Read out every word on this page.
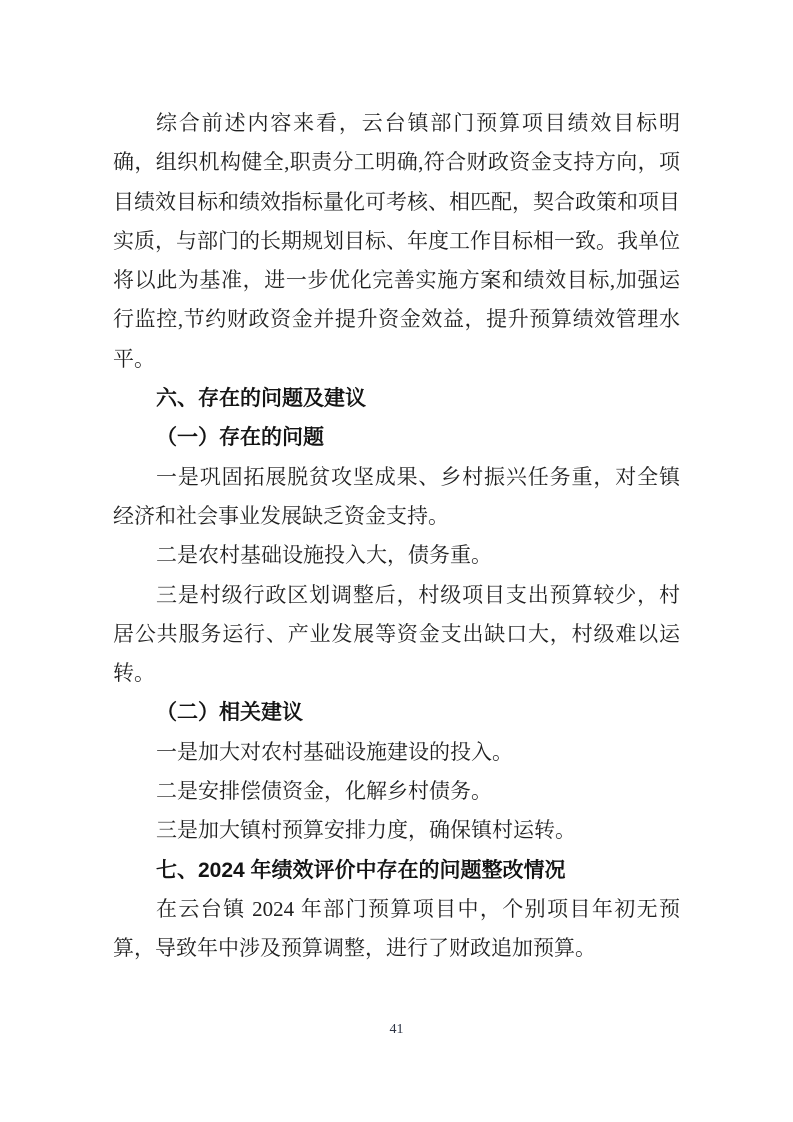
综合前述内容来看，云台镇部门预算项目绩效目标明确，组织机构健全,职责分工明确,符合财政资金支持方向，项目绩效目标和绩效指标量化可考核、相匹配，契合政策和项目实质，与部门的长期规划目标、年度工作目标相一致。我单位将以此为基准，进一步优化完善实施方案和绩效目标,加强运行监控,节约财政资金并提升资金效益，提升预算绩效管理水平。

六、存在的问题及建议

（一）存在的问题

一是巩固拓展脱贫攻坚成果、乡村振兴任务重，对全镇经济和社会事业发展缺乏资金支持。

二是农村基础设施投入大，债务重。

三是村级行政区划调整后，村级项目支出预算较少，村居公共服务运行、产业发展等资金支出缺口大，村级难以运转。

（二）相关建议

一是加大对农村基础设施建设的投入。

二是安排偿债资金，化解乡村债务。

三是加大镇村预算安排力度，确保镇村运转。

七、2024 年绩效评价中存在的问题整改情况

在云台镇 2024 年部门预算项目中，个别项目年初无预算，导致年中涉及预算调整，进行了财政追加预算。

41
